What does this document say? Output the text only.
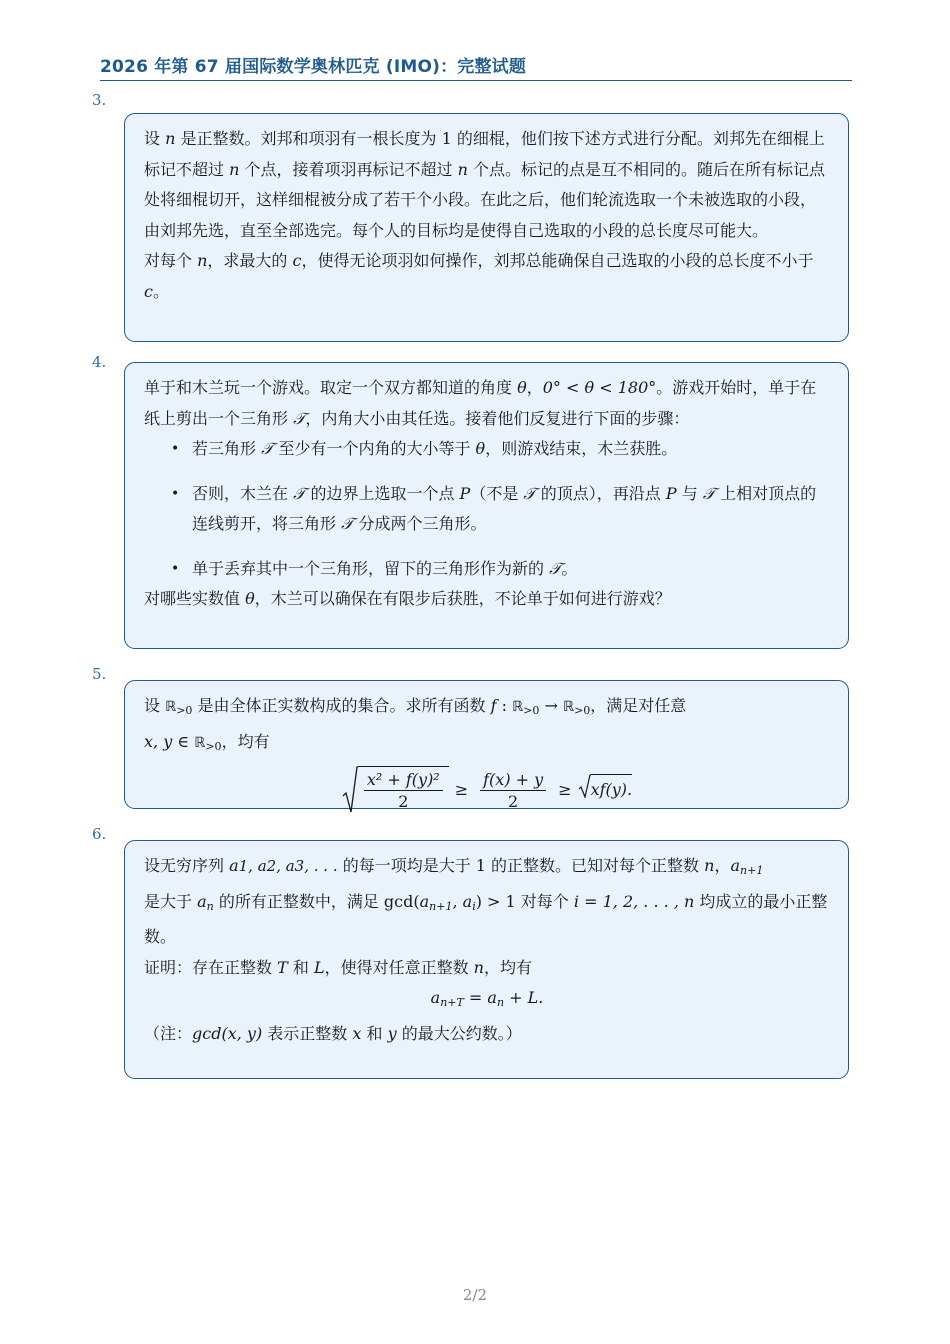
2026 年第 67 届国际数学奥林匹克 (IMO)：完整试题
3.

设 n 是正整数。刘邦和项羽有一根长度为 1 的细棍，他们按下述方式进行分配。刘邦先在细棍上标记不超过 n 个点，接着项羽再标记不超过 n 个点。标记的点是互不相同的。随后在所有标记点处将细棍切开，这样细棍被分成了若干个小段。在此之后，他们轮流选取一个未被选取的小段，由刘邦先选，直至全部选完。每个人的目标均是使得自己选取的小段的总长度尽可能大。

对每个 n，求最大的 c，使得无论项羽如何操作，刘邦总能确保自己选取的小段的总长度不小于 c。

4.

单于和木兰玩一个游戏。取定一个双方都知道的角度 θ，0° < θ < 180°。游戏开始时，单于在纸上剪出一个三角形 𝒯，内角大小由其任选。接着他们反复进行下面的步骤：

• 若三角形 𝒯 至少有一个内角的大小等于 θ，则游戏结束，木兰获胜。
• 否则，木兰在 𝒯 的边界上选取一个点 P（不是 𝒯 的顶点），再沿点 P 与 𝒯 上相对顶点的连线剪开，将三角形 𝒯 分成两个三角形。
• 单于丢弃其中一个三角形，留下的三角形作为新的 𝒯。

对哪些实数值 θ，木兰可以确保在有限步后获胜，不论单于如何进行游戏？

5.

设 ℝ$_{>0}$ 是由全体正实数构成的集合。求所有函数 f : ℝ$_{>0}$ → ℝ$_{>0}$，满足对任意
x, y ∈ ℝ$_{>0}$，均有

$\frac{\text{x² + f(y)²}}{2} \ge \frac{f(x) + y}{2} \ge xf(y)$.
6.

设无穷序列 a1, a2, a3, . . . 的每一项均是大于 1 的正整数。已知对每个正整数 n，an+1
是大于 an 的所有正整数中，满足 gcd(an+1, ai) > 1 对每个 i = 1, 2, . . . , n 均成立的最小正整数。

证明：存在正整数 T 和 L，使得对任意正整数 n，均有

an+T = an + L.

（注：gcd(x, y) 表示正整数 x 和 y 的最大公约数。）

2/2
